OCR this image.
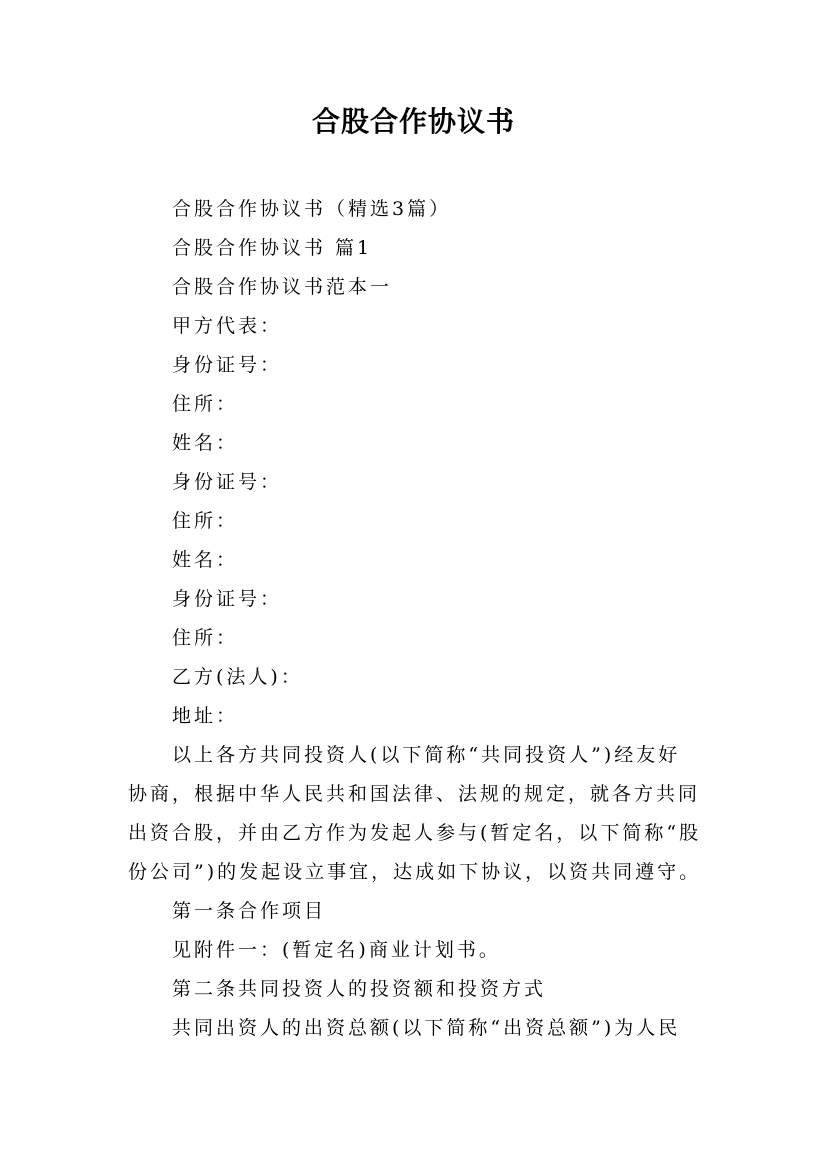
合股合作协议书
合股合作协议书（精选3篇）
合股合作协议书 篇1
合股合作协议书范本一
甲方代表：
身份证号：
住所：
姓名：
身份证号：
住所：
姓名：
身份证号：
住所：
乙方(法人)：
地址：
以上各方共同投资人(以下简称“共同投资人”)经友好
协商，根据中华人民共和国法律、法规的规定，就各方共同
出资合股，并由乙方作为发起人参与(暂定名，以下简称“股
份公司”)的发起设立事宜，达成如下协议，以资共同遵守。
第一条合作项目
见附件一：(暂定名)商业计划书。
第二条共同投资人的投资额和投资方式
共同出资人的出资总额(以下简称“出资总额”)为人民
